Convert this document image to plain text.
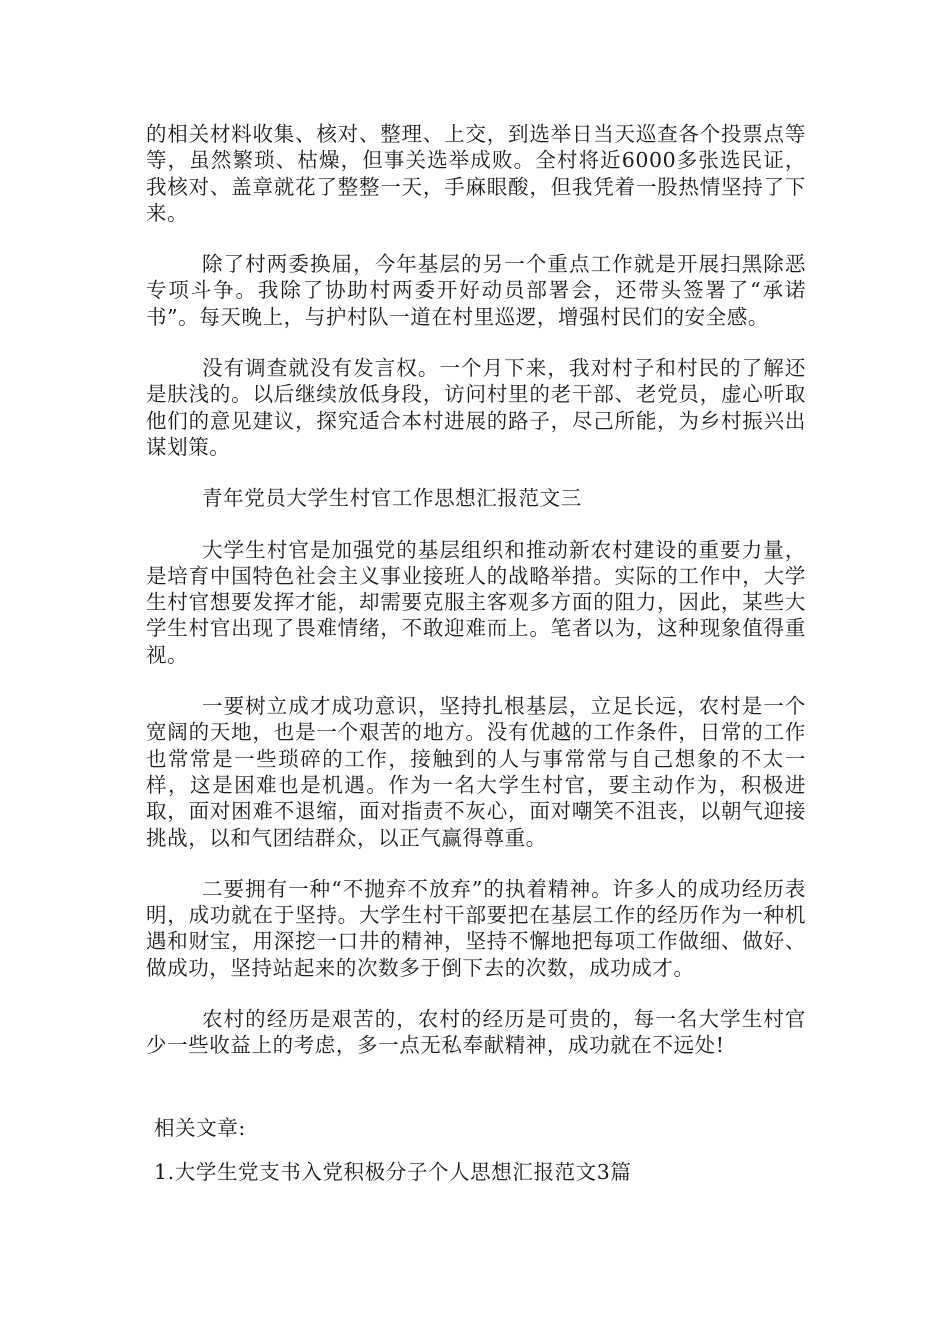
的相关材料收集、核对、整理、上交，到选举日当天巡查各个投票点等等，虽然繁琐、枯燥，但事关选举成败。全村将近6000多张选民证，我核对、盖章就花了整整一天，手麻眼酸，但我凭着一股热情坚持了下来。

除了村两委换届，今年基层的另一个重点工作就是开展扫黑除恶专项斗争。我除了协助村两委开好动员部署会，还带头签署了“承诺书”。每天晚上，与护村队一道在村里巡逻，增强村民们的安全感。

没有调查就没有发言权。一个月下来，我对村子和村民的了解还是肤浅的。以后继续放低身段，访问村里的老干部、老党员，虚心听取他们的意见建议，探究适合本村进展的路子，尽己所能，为乡村振兴出谋划策。

青年党员大学生村官工作思想汇报范文三

大学生村官是加强党的基层组织和推动新农村建设的重要力量，是培育中国特色社会主义事业接班人的战略举措。实际的工作中，大学生村官想要发挥才能，却需要克服主客观多方面的阻力，因此，某些大学生村官出现了畏难情绪，不敢迎难而上。笔者以为，这种现象值得重视。

一要树立成才成功意识，坚持扎根基层，立足长远，农村是一个宽阔的天地，也是一个艰苦的地方。没有优越的工作条件，日常的工作也常常是一些琐碎的工作，接触到的人与事常常与自己想象的不太一样，这是困难也是机遇。作为一名大学生村官，要主动作为，积极进取，面对困难不退缩，面对指责不灰心，面对嘲笑不沮丧，以朝气迎接挑战，以和气团结群众，以正气赢得尊重。

二要拥有一种“不抛弃不放弃”的执着精神。许多人的成功经历表明，成功就在于坚持。大学生村干部要把在基层工作的经历作为一种机遇和财宝，用深挖一口井的精神，坚持不懈地把每项工作做细、做好、做成功，坚持站起来的次数多于倒下去的次数，成功成才。

农村的经历是艰苦的，农村的经历是可贵的，每一名大学生村官少一些收益上的考虑，多一点无私奉献精神，成功就在不远处!

相关文章:
1.大学生党支书入党积极分子个人思想汇报范文3篇
